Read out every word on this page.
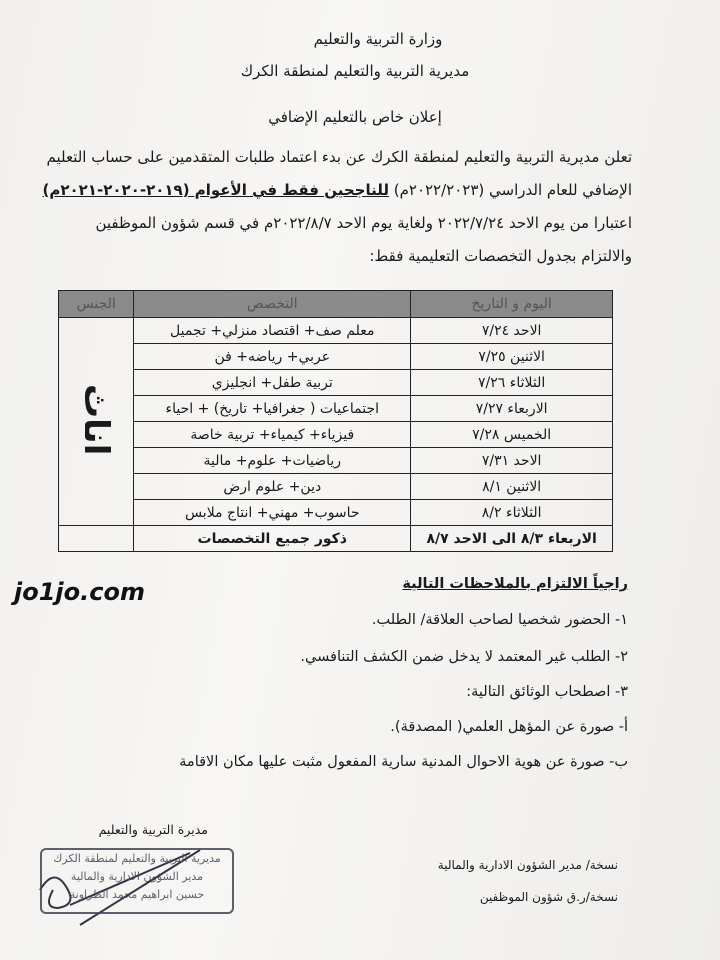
وزارة التربية والتعليم
مديرية التربية والتعليم لمنطقة الكرك
إعلان خاص بالتعليم الإضافي
تعلن مديرية التربية والتعليم لمنطقة الكرك عن بدء اعتماد طلبات المتقدمين على حساب التعليم
الإضافي للعام الدراسي (٢٠٢٢/٢٠٢٣م) للناجحين فقط في الأعوام (٢٠١٩-٢٠٢٠-٢٠٢١م)
اعتبارا من يوم الاحد ٢٠٢٢/٧/٢٤ ولغاية يوم الاحد ٢٠٢٢/٨/٧م في قسم شؤون الموظفين
والالتزام بجدول التخصصات التعليمية فقط:
اليوم و التاريخ	التخصص	الجنس
الاحد ٧/٢٤	معلم صف+ اقتصاد منزلي+ تجميل	اناث
الاثنين ٧/٢٥	عربي+ رياضه+ فن	
الثلاثاء ٧/٢٦	تربية طفل+ انجليزي	
الاربعاء ٧/٢٧	اجتماعيات ( جغرافيا+ تاريخ) + احياء	
الخميس ٧/٢٨	فيزياء+ كيمياء+ تربية خاصة	
الاحد ٧/٣١	رياضيات+ علوم+ مالية	
الاثنين ٨/١	دين+ علوم ارض	
الثلاثاء ٨/٢	حاسوب+ مهني+ انتاج ملابس	
الاربعاء ٨/٣ الى الاحد ٨/٧	ذكور جميع التخصصات	
jo1jo.com	راجياً الالتزام بالملاحظات التالية
١- الحضور شخصيا لصاحب العلاقة/ الطلب.
٢- الطلب غير المعتمد لا يدخل ضمن الكشف التنافسي.
٣- اصطحاب الوثائق التالية:
أ- صورة عن المؤهل العلمي( المصدقة).
ب- صورة عن هوية الاحوال المدنية سارية المفعول مثبت عليها مكان الاقامة
مديرة التربية والتعليم
مديرية التربية والتعليم لمنطقة الكرك
مدير الشؤون الادارية والمالية
حسين ابراهيم محمد الطراونة
نسخة/ مدير الشؤون الادارية والمالية
نسخة/ر.ق شؤون الموظفين
